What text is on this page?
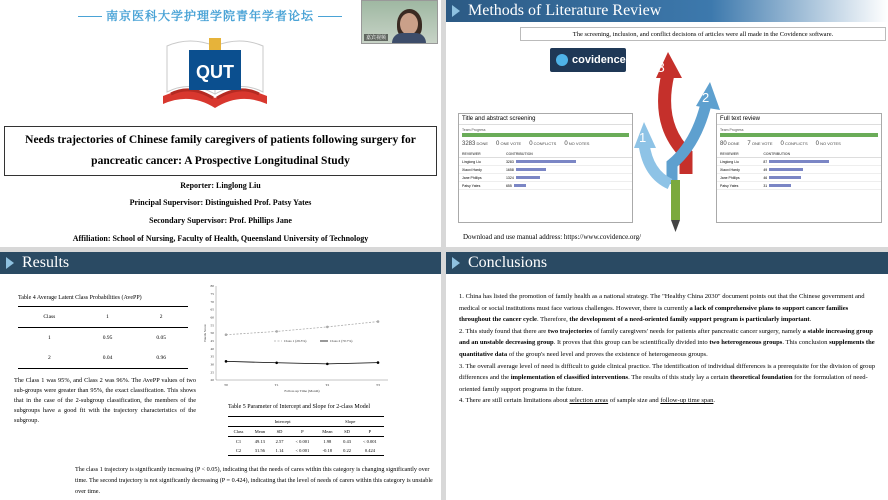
南京医科大学护理学院青年学者论坛
嘉宾视频
QUT
Needs trajectories of Chinese family caregivers of patients following surgery for
pancreatic cancer: A Prospective Longitudinal Study
Reporter: Linglong Liu
Principal Supervisor: Distinguished Prof. Patsy Yates
Secondary Supervisor: Prof. Phillips Jane
Affiliation: School of Nursing, Faculty of Health, Queensland University of Technology
Methods of Literature Review
The screening, inclusion, and conflict decisions of articles were all made in the Covidence software.
covidence 3
2
1
Title and abstract screening
Team Progress
3283 DONE 0 ONE VOTE 0 CONFLICTS 0 NO VOTES
REVIEWER	CONTRIBUTION
Linglong Liu	3283
Xiaoxi Hardy	1658
Jane Phillips	1324
Patsy Yates	655
Full text review
Team Progress
80 DONE 7 ONE VOTE 0 CONFLICTS 0 NO VOTES
REVIEWER	CONTRIBUTION
Linglong Liu	87
Xiaoxi Hardy	49
Jane Phillips	46
Patsy Yates	31
Download and use manual address: https://www.covidence.org/
Results
Table 4 Average Latent Class Probabilities (AvePP)
Class	1	2
1	0.95	0.05
2	0.04	0.96
The Class 1 was 95%, and Class 2 was 96%. The AvePP values of two sub-groups were greater than 95%, the exact classification. This shows that in the case of the 2-subgroup classification, the members of the subgroups have a good fit with the trajectory characteristics of the subgroup.
20
25
30
35
40
45
50
55
60
65
70
75
80
T0	T1	T2	T3
Follow-up Time (Month)
Needs Score	Class 1 (29.3%)	Class 2 (70.7%)
Table 5 Parameter of Intercept and Slope for 2-class Model
	Intercept			Slope		
Class	Mean	SD	P	Mean	SD	P
C1	49.13	2.57	< 0.001	1.98	0.43	< 0.001
C2	31.56	1.14	< 0.001	-0.18	0.22	0.424
The class 1 trajectory is significantly increasing (P < 0.05), indicating that the needs of cares within this category is changing significantly over time. The second trajectory is not significantly decreasing (P = 0.424), indicating that the level of needs of carers within this category is unstable over time.
Conclusions

1. China has listed the promotion of family health as a national strategy. The "Healthy China 2030" document points out that the Chinese government and medical or social institutions must face various challenges. However, there is currently a lack of comprehensive plans to support cancer families throughout the cancer cycle. Therefore, the development of a need-oriented family support program is particularly important.

2. This study found that there are two trajectories of family caregivers' needs for patients after pancreatic cancer surgery, namely a stable increasing group and an unstable decreasing group. It proves that this group can be scientifically divided into two heterogeneous groups. This conclusion supplements the quantitative data of the group's need level and proves the existence of heterogeneous groups.

3. The overall average level of need is difficult to guide clinical practice. The identification of individual differences is a prerequisite for the division of group differences and the implementation of classified interventions. The results of this study lay a certain theoretical foundation for the formulation of need-oriented family support programs in the future.

4. There are still certain limitations about selection areas of sample size and follow-up time span.
